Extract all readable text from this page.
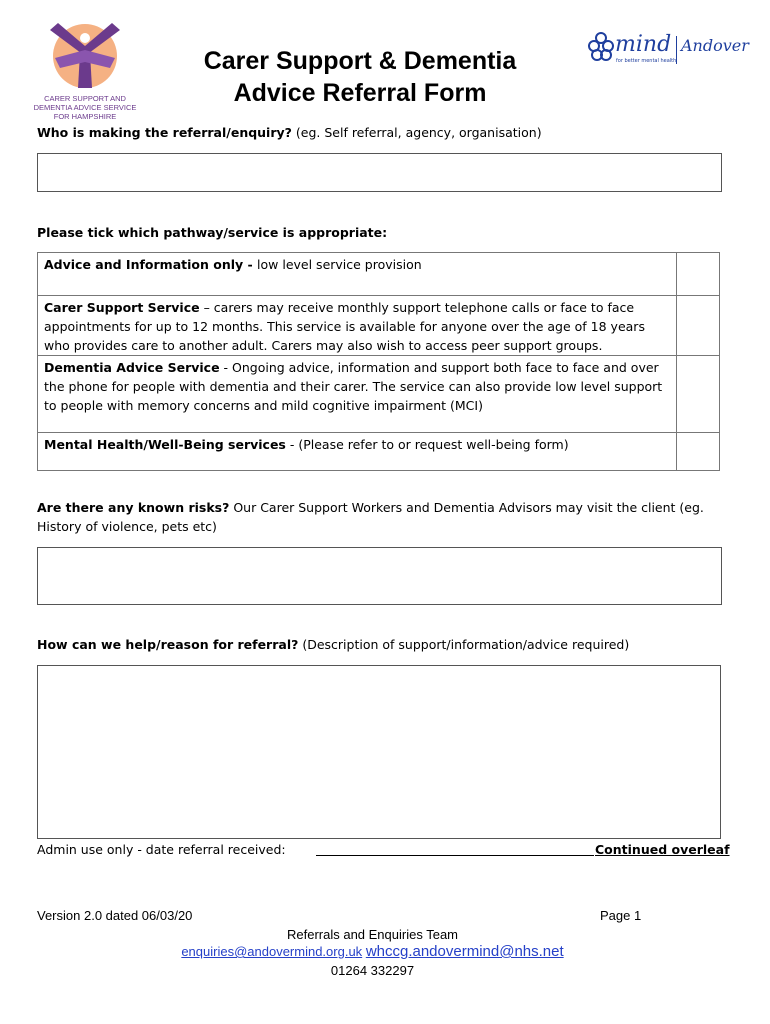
CARER SUPPORT AND DEMENTIA ADVICE SERVICE FOR HAMPSHIRE
Carer Support & Dementia
Advice Referral Form
mind Andover
for better mental health
Who is making the referral/enquiry? (eg. Self referral, agency, organisation)
Please tick which pathway/service is appropriate:
Advice and Information only - low level service provision	
Carer Support Service – carers may receive monthly support telephone calls or face to face appointments for up to 12 months. This service is available for anyone over the age of 18 years who provides care to another adult. Carers may also wish to access peer support groups.	
Dementia Advice Service - Ongoing advice, information and support both face to face and over the phone for people with dementia and their carer. The service can also provide low level support to people with memory concerns and mild cognitive impairment (MCI)	
Mental Health/Well-Being services - (Please refer to or request well-being form)	
Are there any known risks? Our Carer Support Workers and Dementia Advisors may visit the client (eg. History of violence, pets etc)
How can we help/reason for referral? (Description of support/information/advice required)
Admin use only - date referral received:	Continued overleaf
Version 2.0 dated 06/03/20	Page 1
Referrals and Enquiries Team
enquiries@andovermind.org.uk whccg.andovermind@nhs.net
01264 332297
